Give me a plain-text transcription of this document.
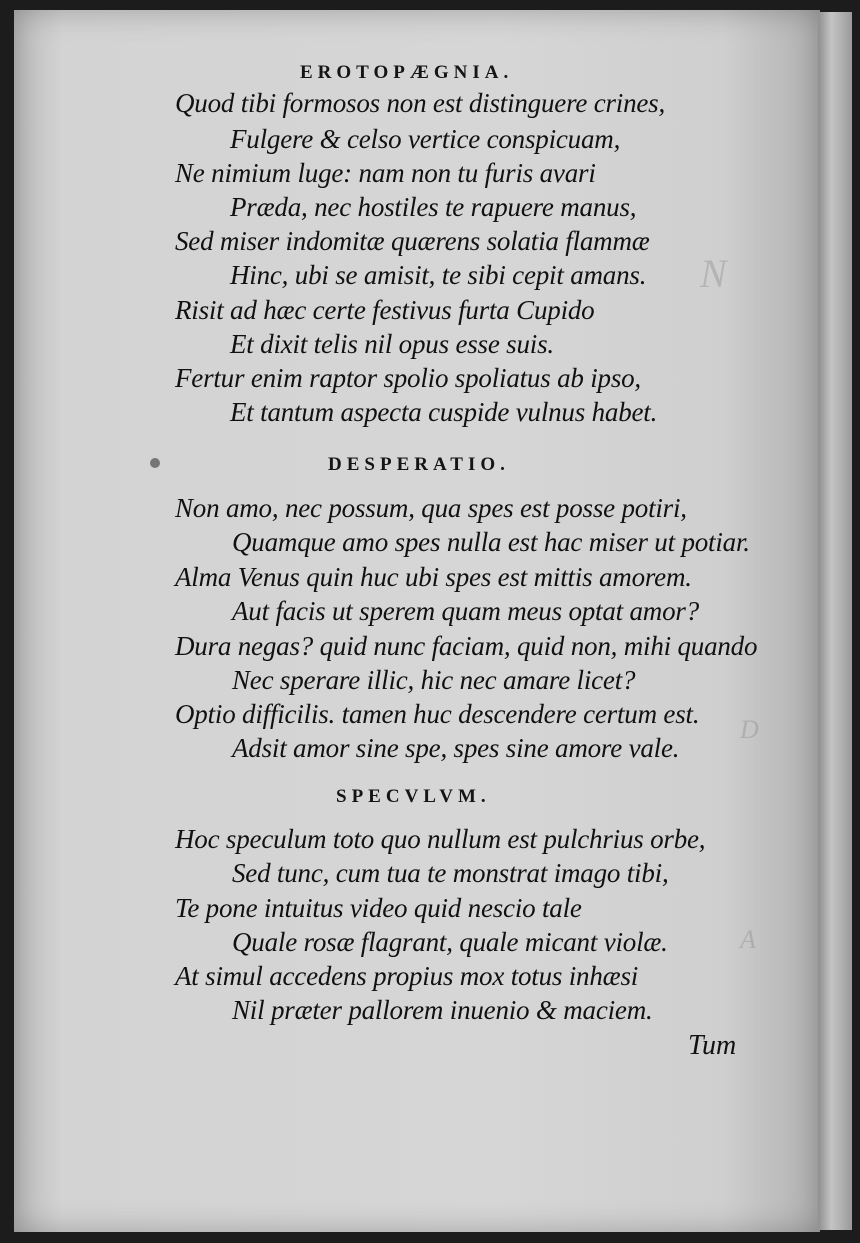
N
D
A
EROTOPÆGNIA.
Quod tibi formosos non est distinguere crines,
Fulgere & celso vertice conspicuam,
Ne nimium luge: nam non tu furis avari
Præda, nec hostiles te rapuere manus,
Sed miser indomitæ quærens solatia flammæ
Hinc, ubi se amisit, te sibi cepit amans.
Risit ad hæc certe festivus furta Cupido
Et dixit telis nil opus esse suis.
Fertur enim raptor spolio spoliatus ab ipso,
Et tantum aspecta cuspide vulnus habet.
DESPERATIO.
Non amo, nec possum, qua spes est posse potiri,
Quamque amo spes nulla est hac miser ut potiar.
Alma Venus quin huc ubi spes est mittis amorem.
Aut facis ut sperem quam meus optat amor?
Dura negas? quid nunc faciam, quid non, mihi quando
Nec sperare illic, hic nec amare licet?
Optio difficilis. tamen huc descendere certum est.
Adsit amor sine spe, spes sine amore vale.
SPECVLVM.
Hoc speculum toto quo nullum est pulchrius orbe,
Sed tunc, cum tua te monstrat imago tibi,
Te pone intuitus video quid nescio tale
Quale rosæ flagrant, quale micant violæ.
At simul accedens propius mox totus inhæsi
Nil præter pallorem inuenio & maciem.
Tum
